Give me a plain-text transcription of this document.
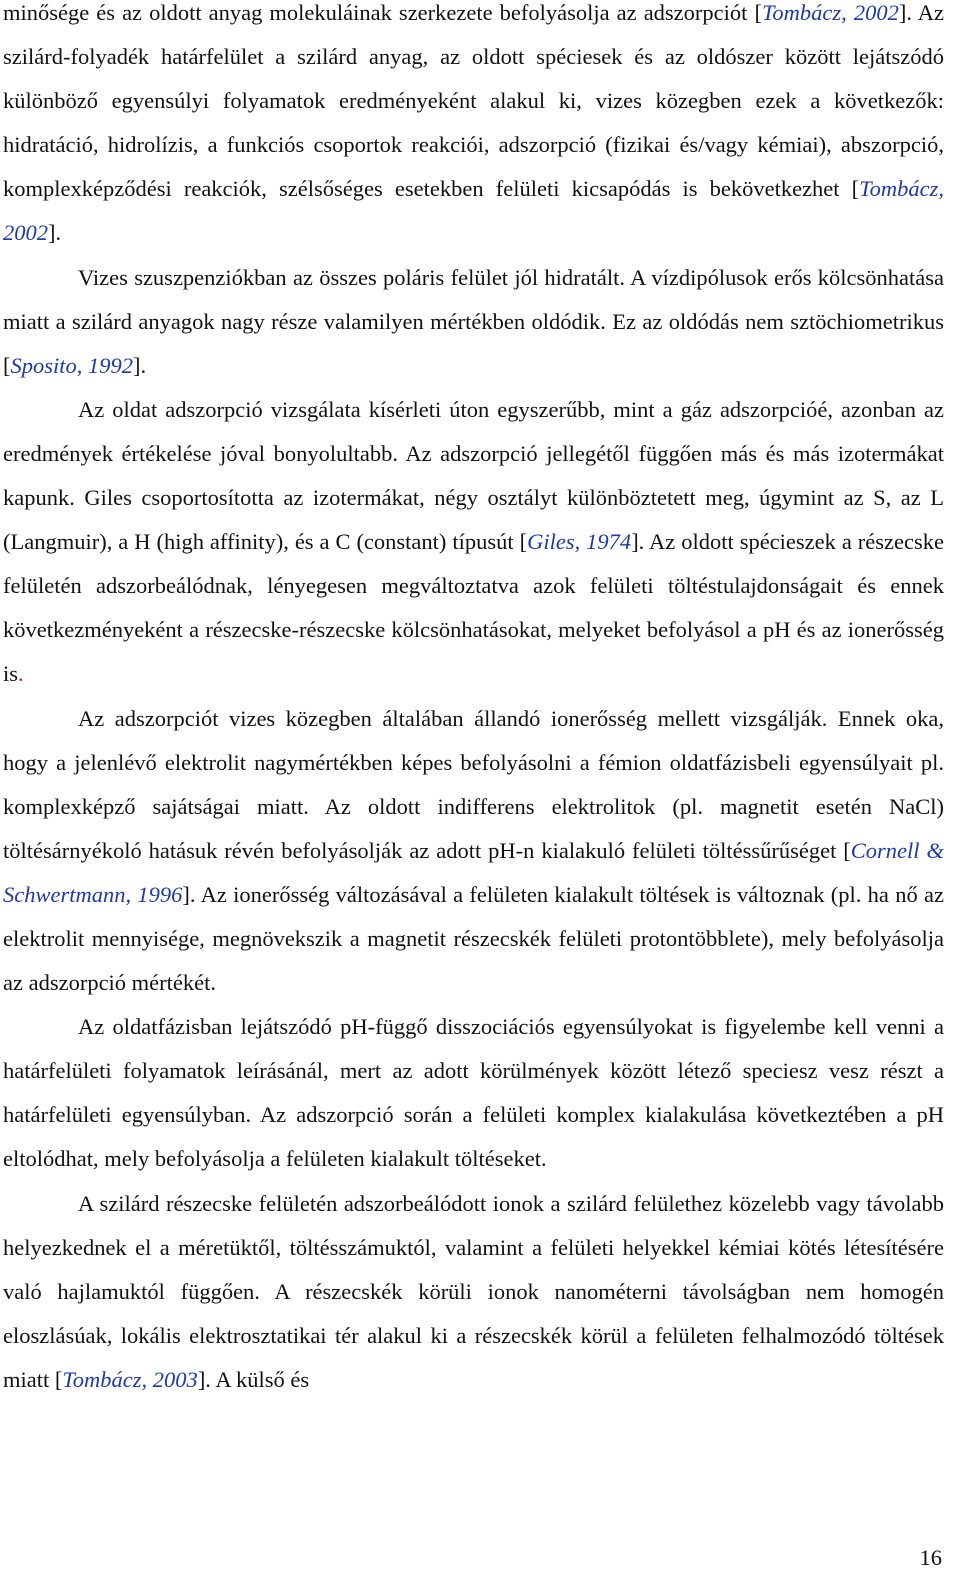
minősége és az oldott anyag molekuláinak szerkezete befolyásolja az adszorpciót [Tombácz, 2002]. Az szilárd-folyadék határfelület a szilárd anyag, az oldott spéciesek és az oldószer között lejátszódó különböző egyensúlyi folyamatok eredményeként alakul ki, vizes közegben ezek a következők: hidratáció, hidrolízis, a funkciós csoportok reakciói, adszorpció (fizikai és/vagy kémiai), abszorpció, komplexképződési reakciók, szélsőséges esetekben felületi kicsapódás is bekövetkezhet [Tombácz, 2002].

Vizes szuszpenziókban az összes poláris felület jól hidratált. A vízdipólusok erős kölcsönhatása miatt a szilárd anyagok nagy része valamilyen mértékben oldódik. Ez az oldódás nem sztöchiometrikus [Sposito, 1992].

Az oldat adszorpció vizsgálata kísérleti úton egyszerűbb, mint a gáz adszorpcióé, azonban az eredmények értékelése jóval bonyolultabb. Az adszorpció jellegétől függően más és más izotermákat kapunk. Giles csoportosította az izotermákat, négy osztályt különböztetett meg, úgymint az S, az L (Langmuir), a H (high affinity), és a C (constant) típusút [Giles, 1974]. Az oldott spécieszek a részecske felületén adszorbeálódnak, lényegesen megváltoztatva azok felületi töltéstulajdonságait és ennek következményeként a részecske-részecske kölcsönhatásokat, melyeket befolyásol a pH és az ionerősség is.

Az adszorpciót vizes közegben általában állandó ionerősség mellett vizsgálják. Ennek oka, hogy a jelenlévő elektrolit nagymértékben képes befolyásolni a fémion oldatfázisbeli egyensúlyait pl. komplexképző sajátságai miatt. Az oldott indifferens elektrolitok (pl. magnetit esetén NaCl) töltésárnyékoló hatásuk révén befolyásolják az adott pH-n kialakuló felületi töltéssűrűséget [Cornell & Schwertmann, 1996]. Az ionerősség változásával a felületen kialakult töltések is változnak (pl. ha nő az elektrolit mennyisége, megnövekszik a magnetit részecskék felületi protontöbblete), mely befolyásolja az adszorpció mértékét.

Az oldatfázisban lejátszódó pH-függő disszociációs egyensúlyokat is figyelembe kell venni a határfelületi folyamatok leírásánál, mert az adott körülmények között létező speciesz vesz részt a határfelületi egyensúlyban. Az adszorpció során a felületi komplex kialakulása következtében a pH eltolódhat, mely befolyásolja a felületen kialakult töltéseket.

A szilárd részecske felületén adszorbeálódott ionok a szilárd felülethez közelebb vagy távolabb helyezkednek el a méretüktől, töltésszámuktól, valamint a felületi helyekkel kémiai kötés létesítésére való hajlamuktól függően. A részecskék körüli ionok nanométerni távolságban nem homogén eloszlásúak, lokális elektrosztatikai tér alakul ki a részecskék körül a felületen felhalmozódó töltések miatt [Tombácz, 2003]. A külső és

16
